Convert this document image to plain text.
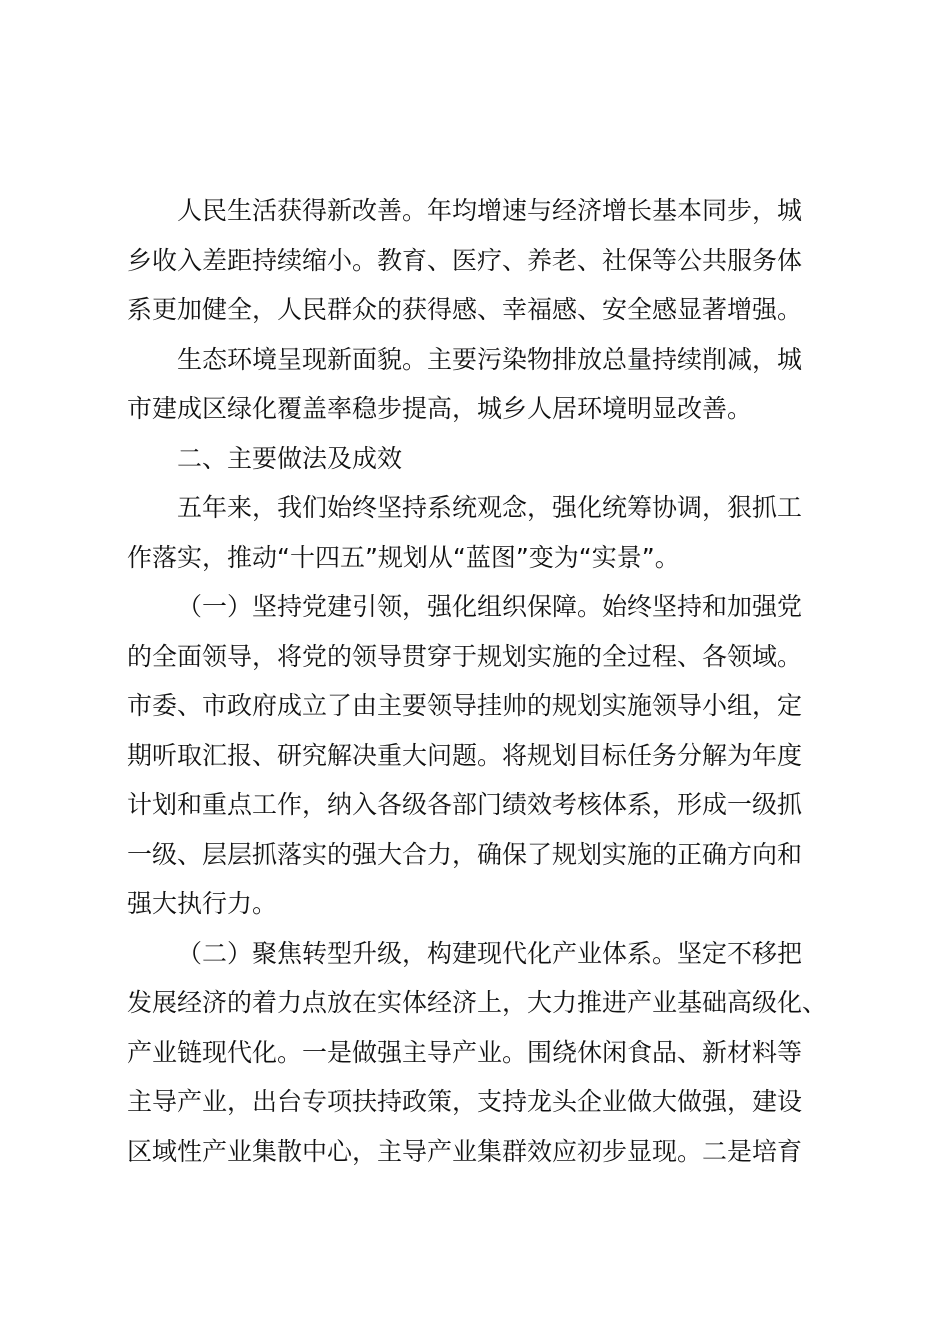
人民生活获得新改善。年均增速与经济增长基本同步，城
乡收入差距持续缩小。教育、医疗、养老、社保等公共服务体
系更加健全，人民群众的获得感、幸福感、安全感显著增强。
生态环境呈现新面貌。主要污染物排放总量持续削减，城
市建成区绿化覆盖率稳步提高，城乡人居环境明显改善。
二、主要做法及成效
五年来，我们始终坚持系统观念，强化统筹协调，狠抓工
作落实，推动“十四五”规划从“蓝图”变为“实景”。
（一）坚持党建引领，强化组织保障。始终坚持和加强党
的全面领导，将党的领导贯穿于规划实施的全过程、各领域。
市委、市政府成立了由主要领导挂帅的规划实施领导小组，定
期听取汇报、研究解决重大问题。将规划目标任务分解为年度
计划和重点工作，纳入各级各部门绩效考核体系，形成一级抓
一级、层层抓落实的强大合力，确保了规划实施的正确方向和
强大执行力。
（二）聚焦转型升级，构建现代化产业体系。坚定不移把
发展经济的着力点放在实体经济上，大力推进产业基础高级化、
产业链现代化。一是做强主导产业。围绕休闲食品、新材料等
主导产业，出台专项扶持政策，支持龙头企业做大做强，建设
区域性产业集散中心，主导产业集群效应初步显现。二是培育
